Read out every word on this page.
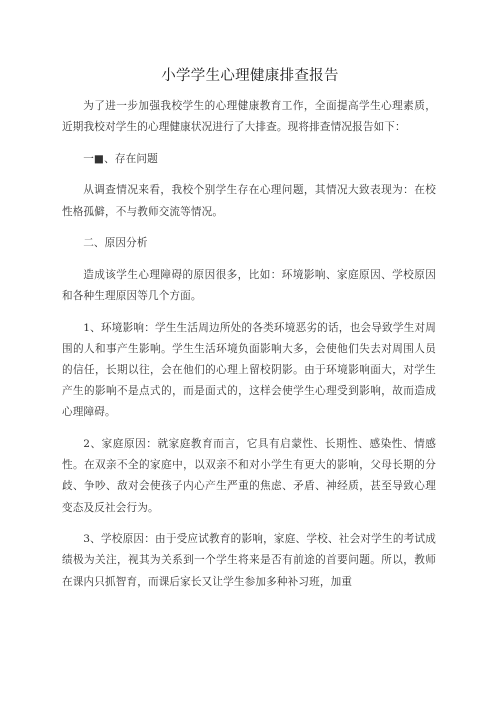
小学学生心理健康排查报告

为了进一步加强我校学生的心理健康教育工作，全面提高学生心理素质，近期我校对学生的心理健康状况进行了大排查。现将排查情况报告如下：

一■、存在问题

从调查情况来看，我校个别学生存在心理问题，其情况大致表现为：在校性格孤僻，不与教师交流等情况。

二、原因分析

造成该学生心理障碍的原因很多，比如：环境影响、家庭原因、学校原因和各种生理原因等几个方面。

1、环境影响：学生生活周边所处的各类环境恶劣的话，也会导致学生对周围的人和事产生影响。学生生活环境负面影响大多，会使他们失去对周围人员的信任，长期以往，会在他们的心理上留校阴影。由于环境影响面大，对学生产生的影响不是点式的，而是面式的，这样会使学生心理受到影响，故而造成心理障碍。

2、家庭原因：就家庭教育而言，它具有启蒙性、长期性、感染性、情感性。在双亲不全的家庭中，以双亲不和对小学生有更大的影响，父母长期的分歧、争吵、敌对会使孩子内心产生严重的焦虑、矛盾、神经质，甚至导致心理变态及反社会行为。

3、学校原因：由于受应试教育的影响，家庭、学校、社会对学生的考试成绩极为关注，视其为关系到一个学生将来是否有前途的首要问题。所以，教师在课内只抓智育，而课后家长又让学生参加多种补习班，加重
